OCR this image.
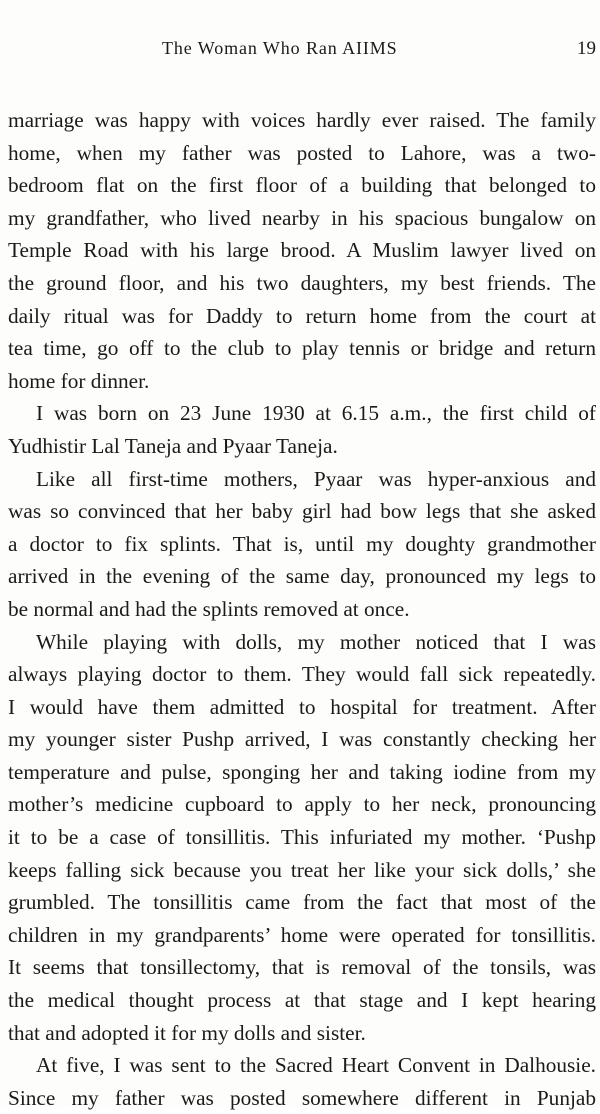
The Woman Who Ran AIIMS	19
marriage was happy with voices hardly ever raised. The family
home, when my father was posted to Lahore, was a two-
bedroom flat on the first floor of a building that belonged to
my grandfather, who lived nearby in his spacious bungalow on
Temple Road with his large brood. A Muslim lawyer lived on
the ground floor, and his two daughters, my best friends. The
daily ritual was for Daddy to return home from the court at
tea time, go off to the club to play tennis or bridge and return
home for dinner.
I was born on 23 June 1930 at 6.15 a.m., the first child of
Yudhistir Lal Taneja and Pyaar Taneja.
Like all first-time mothers, Pyaar was hyper-anxious and
was so convinced that her baby girl had bow legs that she asked
a doctor to fix splints. That is, until my doughty grandmother
arrived in the evening of the same day, pronounced my legs to
be normal and had the splints removed at once.
While playing with dolls, my mother noticed that I was
always playing doctor to them. They would fall sick repeatedly.
I would have them admitted to hospital for treatment. After
my younger sister Pushp arrived, I was constantly checking her
temperature and pulse, sponging her and taking iodine from my
mother’s medicine cupboard to apply to her neck, pronouncing
it to be a case of tonsillitis. This infuriated my mother. ‘Pushp
keeps falling sick because you treat her like your sick dolls,’ she
grumbled. The tonsillitis came from the fact that most of the
children in my grandparents’ home were operated for tonsillitis.
It seems that tonsillectomy, that is removal of the tonsils, was
the medical thought process at that stage and I kept hearing
that and adopted it for my dolls and sister.
At five, I was sent to the Sacred Heart Convent in Dalhousie.
Since my father was posted somewhere different in Punjab
